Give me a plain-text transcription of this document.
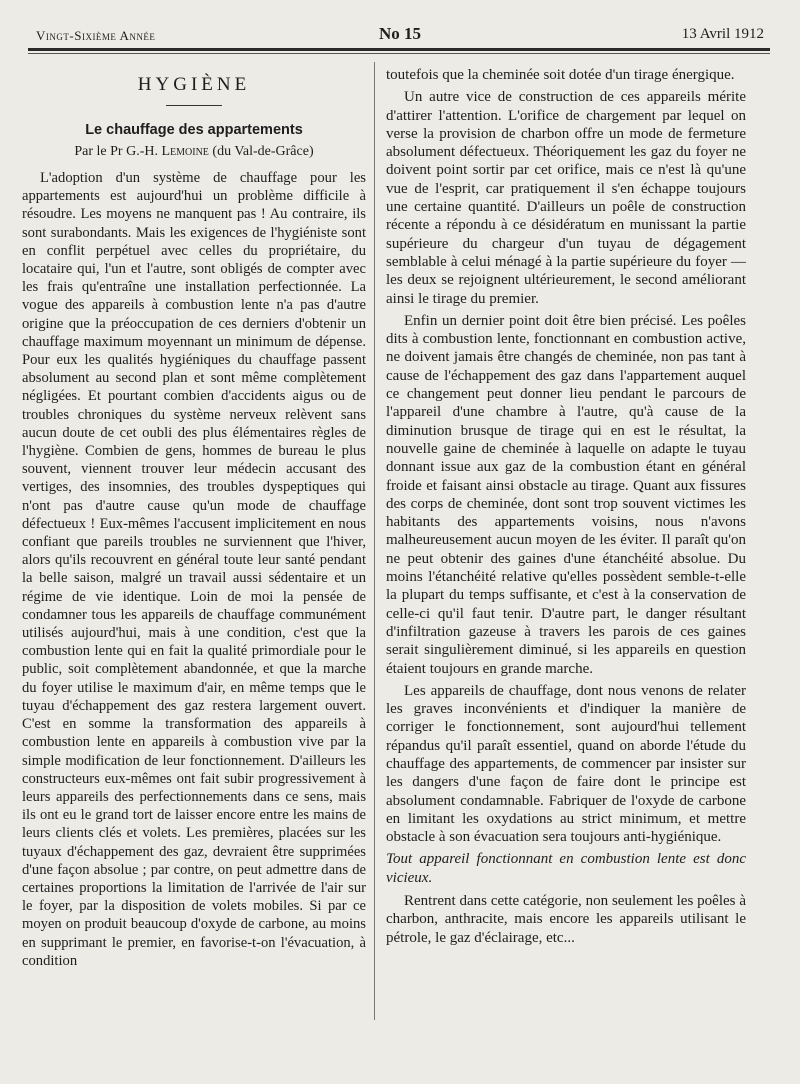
Vingt-Sixième Année	No 15	13 Avril 1912
HYGIÈNE
Le chauffage des appartements
Par le Pr G.-H. Lemoine (du Val-de-Grâce)

L'adoption d'un système de chauffage pour les appartements est aujourd'hui un problème difficile à résoudre. Les moyens ne manquent pas ! Au contraire, ils sont surabondants. Mais les exigences de l'hygiéniste sont en conflit perpétuel avec celles du propriétaire, du locataire qui, l'un et l'autre, sont obligés de compter avec les frais qu'entraîne une installation perfectionnée. La vogue des appareils à combustion lente n'a pas d'autre origine que la préoccupation de ces derniers d'obtenir un chauffage maximum moyennant un minimum de dépense. Pour eux les qualités hygiéniques du chauffage passent absolument au second plan et sont même complètement négligées. Et pourtant combien d'accidents aigus ou de troubles chroniques du système nerveux relèvent sans aucun doute de cet oubli des plus élémentaires règles de l'hygiène. Combien de gens, hommes de bureau le plus souvent, viennent trouver leur médecin accusant des vertiges, des insomnies, des troubles dyspeptiques qui n'ont pas d'autre cause qu'un mode de chauffage défectueux ! Eux-mêmes l'accusent implicitement en nous confiant que pareils troubles ne surviennent que l'hiver, alors qu'ils recouvrent en général toute leur santé pendant la belle saison, malgré un travail aussi sédentaire et un régime de vie identique. Loin de moi la pensée de condamner tous les appareils de chauffage communément utilisés aujourd'hui, mais à une condition, c'est que la combustion lente qui en fait la qualité primordiale pour le public, soit complètement abandonnée, et que la marche du foyer utilise le maximum d'air, en même temps que le tuyau d'échappement des gaz restera largement ouvert. C'est en somme la transformation des appareils à combustion lente en appareils à combustion vive par la simple modification de leur fonctionnement. D'ailleurs les constructeurs eux-mêmes ont fait subir progressivement à leurs appareils des perfectionnements dans ce sens, mais ils ont eu le grand tort de laisser encore entre les mains de leurs clients clés et volets. Les premières, placées sur les tuyaux d'échappement des gaz, devraient être supprimées d'une façon absolue ; par contre, on peut admettre dans de certaines proportions la limitation de l'arrivée de l'air sur le foyer, par la disposition de volets mobiles. Si par ce moyen on produit beaucoup d'oxyde de carbone, au moins en supprimant le premier, en favorise-t-on l'évacuation, à condition

toutefois que la cheminée soit dotée d'un tirage énergique.

Un autre vice de construction de ces appareils mérite d'attirer l'attention. L'orifice de chargement par lequel on verse la provision de charbon offre un mode de fermeture absolument défectueux. Théoriquement les gaz du foyer ne doivent point sortir par cet orifice, mais ce n'est là qu'une vue de l'esprit, car pratiquement il s'en échappe toujours une certaine quantité. D'ailleurs un poêle de construction récente a répondu à ce désidératum en munissant la partie supérieure du chargeur d'un tuyau de dégagement semblable à celui ménagé à la partie supérieure du foyer — les deux se rejoignent ultérieurement, le second améliorant ainsi le tirage du premier.

Enfin un dernier point doit être bien précisé. Les poêles dits à combustion lente, fonctionnant en combustion active, ne doivent jamais être changés de cheminée, non pas tant à cause de l'échappement des gaz dans l'appartement auquel ce changement peut donner lieu pendant le parcours de l'appareil d'une chambre à l'autre, qu'à cause de la diminution brusque de tirage qui en est le résultat, la nouvelle gaine de cheminée à laquelle on adapte le tuyau donnant issue aux gaz de la combustion étant en général froide et faisant ainsi obstacle au tirage. Quant aux fissures des corps de cheminée, dont sont trop souvent victimes les habitants des appartements voisins, nous n'avons malheureusement aucun moyen de les éviter. Il paraît qu'on ne peut obtenir des gaines d'une étanchéité absolue. Du moins l'étanchéité relative qu'elles possèdent semble-t-elle la plupart du temps suffisante, et c'est à la conservation de celle-ci qu'il faut tenir. D'autre part, le danger résultant d'infiltration gazeuse à travers les parois de ces gaines serait singulièrement diminué, si les appareils en question étaient toujours en grande marche.

Les appareils de chauffage, dont nous venons de relater les graves inconvénients et d'indiquer la manière de corriger le fonctionnement, sont aujourd'hui tellement répandus qu'il paraît essentiel, quand on aborde l'étude du chauffage des appartements, de commencer par insister sur les dangers d'une façon de faire dont le principe est absolument condamnable. Fabriquer de l'oxyde de carbone en limitant les oxydations au strict minimum, et mettre obstacle à son évacuation sera toujours anti-hygiénique.

Tout appareil fonctionnant en combustion lente est donc vicieux.

Rentrent dans cette catégorie, non seulement les poêles à charbon, anthracite, mais encore les appareils utilisant le pétrole, le gaz d'éclairage, etc...
